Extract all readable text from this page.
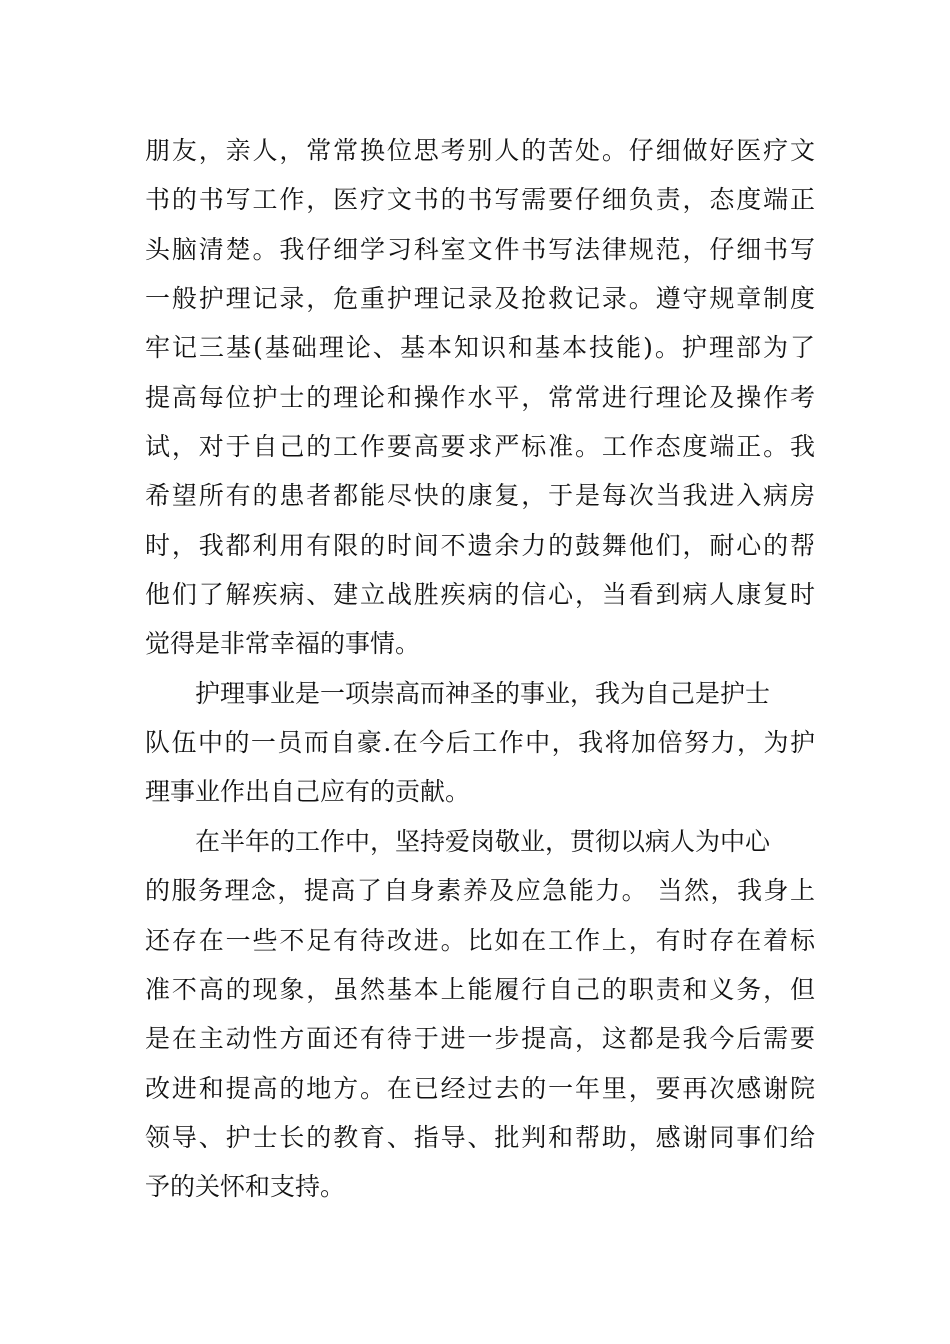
朋友，亲人，常常换位思考别人的苦处。仔细做好医疗文
书的书写工作，医疗文书的书写需要仔细负责，态度端正
头脑清楚。我仔细学习科室文件书写法律规范，仔细书写
一般护理记录，危重护理记录及抢救记录。遵守规章制度
牢记三基(基础理论、基本知识和基本技能)。护理部为了
提高每位护士的理论和操作水平，常常进行理论及操作考
试，对于自己的工作要高要求严标准。工作态度端正。我
希望所有的患者都能尽快的康复，于是每次当我进入病房
时，我都利用有限的时间不遗余力的鼓舞他们，耐心的帮
他们了解疾病、建立战胜疾病的信心，当看到病人康复时
觉得是非常幸福的事情。
护理事业是一项崇高而神圣的事业，我为自己是护士
队伍中的一员而自豪.在今后工作中，我将加倍努力，为护
理事业作出自己应有的贡献。
在半年的工作中，坚持爱岗敬业，贯彻以病人为中心
的服务理念，提高了自身素养及应急能力。 当然，我身上
还存在一些不足有待改进。比如在工作上，有时存在着标
准不高的现象，虽然基本上能履行自己的职责和义务，但
是在主动性方面还有待于进一步提高，这都是我今后需要
改进和提高的地方。在已经过去的一年里，要再次感谢院
领导、护士长的教育、指导、批判和帮助，感谢同事们给
予的关怀和支持。
